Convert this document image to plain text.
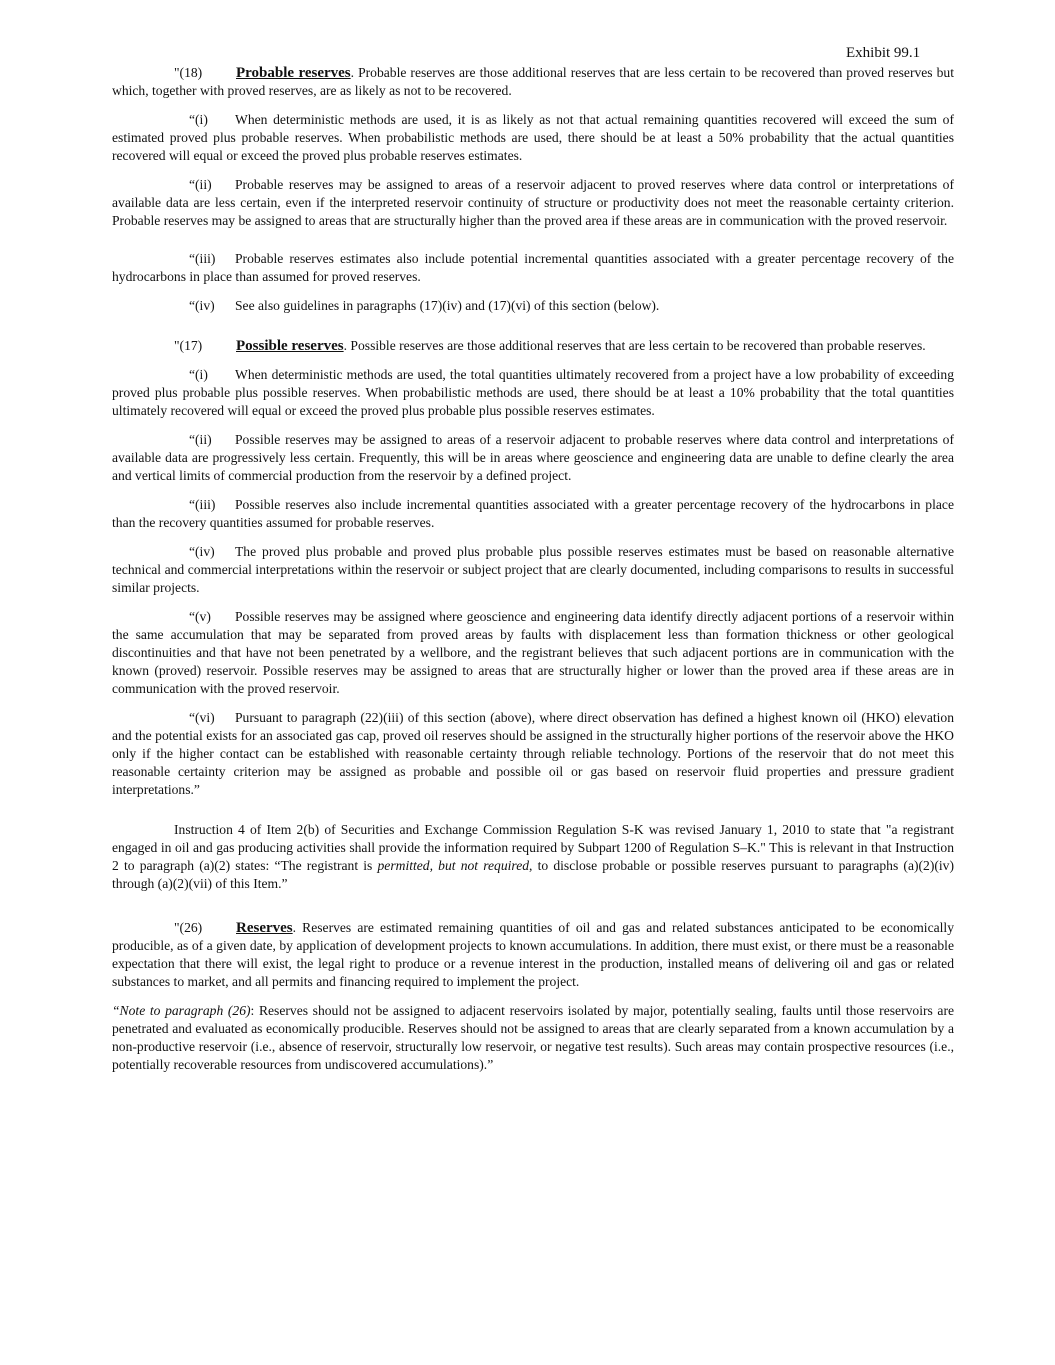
Exhibit 99.1

"(18) Probable reserves. Probable reserves are those additional reserves that are less certain to be recovered than proved reserves but which, together with proved reserves, are as likely as not to be recovered.

“(i) When deterministic methods are used, it is as likely as not that actual remaining quantities recovered will exceed the sum of estimated proved plus probable reserves. When probabilistic methods are used, there should be at least a 50% probability that the actual quantities recovered will equal or exceed the proved plus probable reserves estimates.

“(ii) Probable reserves may be assigned to areas of a reservoir adjacent to proved reserves where data control or interpretations of available data are less certain, even if the interpreted reservoir continuity of structure or productivity does not meet the reasonable certainty criterion. Probable reserves may be assigned to areas that are structurally higher than the proved area if these areas are in communication with the proved reservoir.

“(iii) Probable reserves estimates also include potential incremental quantities associated with a greater percentage recovery of the hydrocarbons in place than assumed for proved reserves.

“(iv) See also guidelines in paragraphs (17)(iv) and (17)(vi) of this section (below).

"(17) Possible reserves. Possible reserves are those additional reserves that are less certain to be recovered than probable reserves.

“(i) When deterministic methods are used, the total quantities ultimately recovered from a project have a low probability of exceeding proved plus probable plus possible reserves. When probabilistic methods are used, there should be at least a 10% probability that the total quantities ultimately recovered will equal or exceed the proved plus probable plus possible reserves estimates.

“(ii) Possible reserves may be assigned to areas of a reservoir adjacent to probable reserves where data control and interpretations of available data are progressively less certain. Frequently, this will be in areas where geoscience and engineering data are unable to define clearly the area and vertical limits of commercial production from the reservoir by a defined project.

“(iii) Possible reserves also include incremental quantities associated with a greater percentage recovery of the hydrocarbons in place than the recovery quantities assumed for probable reserves.

“(iv) The proved plus probable and proved plus probable plus possible reserves estimates must be based on reasonable alternative technical and commercial interpretations within the reservoir or subject project that are clearly documented, including comparisons to results in successful similar projects.

“(v) Possible reserves may be assigned where geoscience and engineering data identify directly adjacent portions of a reservoir within the same accumulation that may be separated from proved areas by faults with displacement less than formation thickness or other geological discontinuities and that have not been penetrated by a wellbore, and the registrant believes that such adjacent portions are in communication with the known (proved) reservoir. Possible reserves may be assigned to areas that are structurally higher or lower than the proved area if these areas are in communication with the proved reservoir.

“(vi) Pursuant to paragraph (22)(iii) of this section (above), where direct observation has defined a highest known oil (HKO) elevation and the potential exists for an associated gas cap, proved oil reserves should be assigned in the structurally higher portions of the reservoir above the HKO only if the higher contact can be established with reasonable certainty through reliable technology. Portions of the reservoir that do not meet this reasonable certainty criterion may be assigned as probable and possible oil or gas based on reservoir fluid properties and pressure gradient interpretations.”

Instruction 4 of Item 2(b) of Securities and Exchange Commission Regulation S-K was revised January 1, 2010 to state that "a registrant engaged in oil and gas producing activities shall provide the information required by Subpart 1200 of Regulation S–K." This is relevant in that Instruction 2 to paragraph (a)(2) states: “The registrant is permitted, but not required, to disclose probable or possible reserves pursuant to paragraphs (a)(2)(iv) through (a)(2)(vii) of this Item.”

"(26) Reserves. Reserves are estimated remaining quantities of oil and gas and related substances anticipated to be economically producible, as of a given date, by application of development projects to known accumulations. In addition, there must exist, or there must be a reasonable expectation that there will exist, the legal right to produce or a revenue interest in the production, installed means of delivering oil and gas or related substances to market, and all permits and financing required to implement the project.

“Note to paragraph (26): Reserves should not be assigned to adjacent reservoirs isolated by major, potentially sealing, faults until those reservoirs are penetrated and evaluated as economically producible. Reserves should not be assigned to areas that are clearly separated from a known accumulation by a non-productive reservoir (i.e., absence of reservoir, structurally low reservoir, or negative test results). Such areas may contain prospective resources (i.e., potentially recoverable resources from undiscovered accumulations).”
